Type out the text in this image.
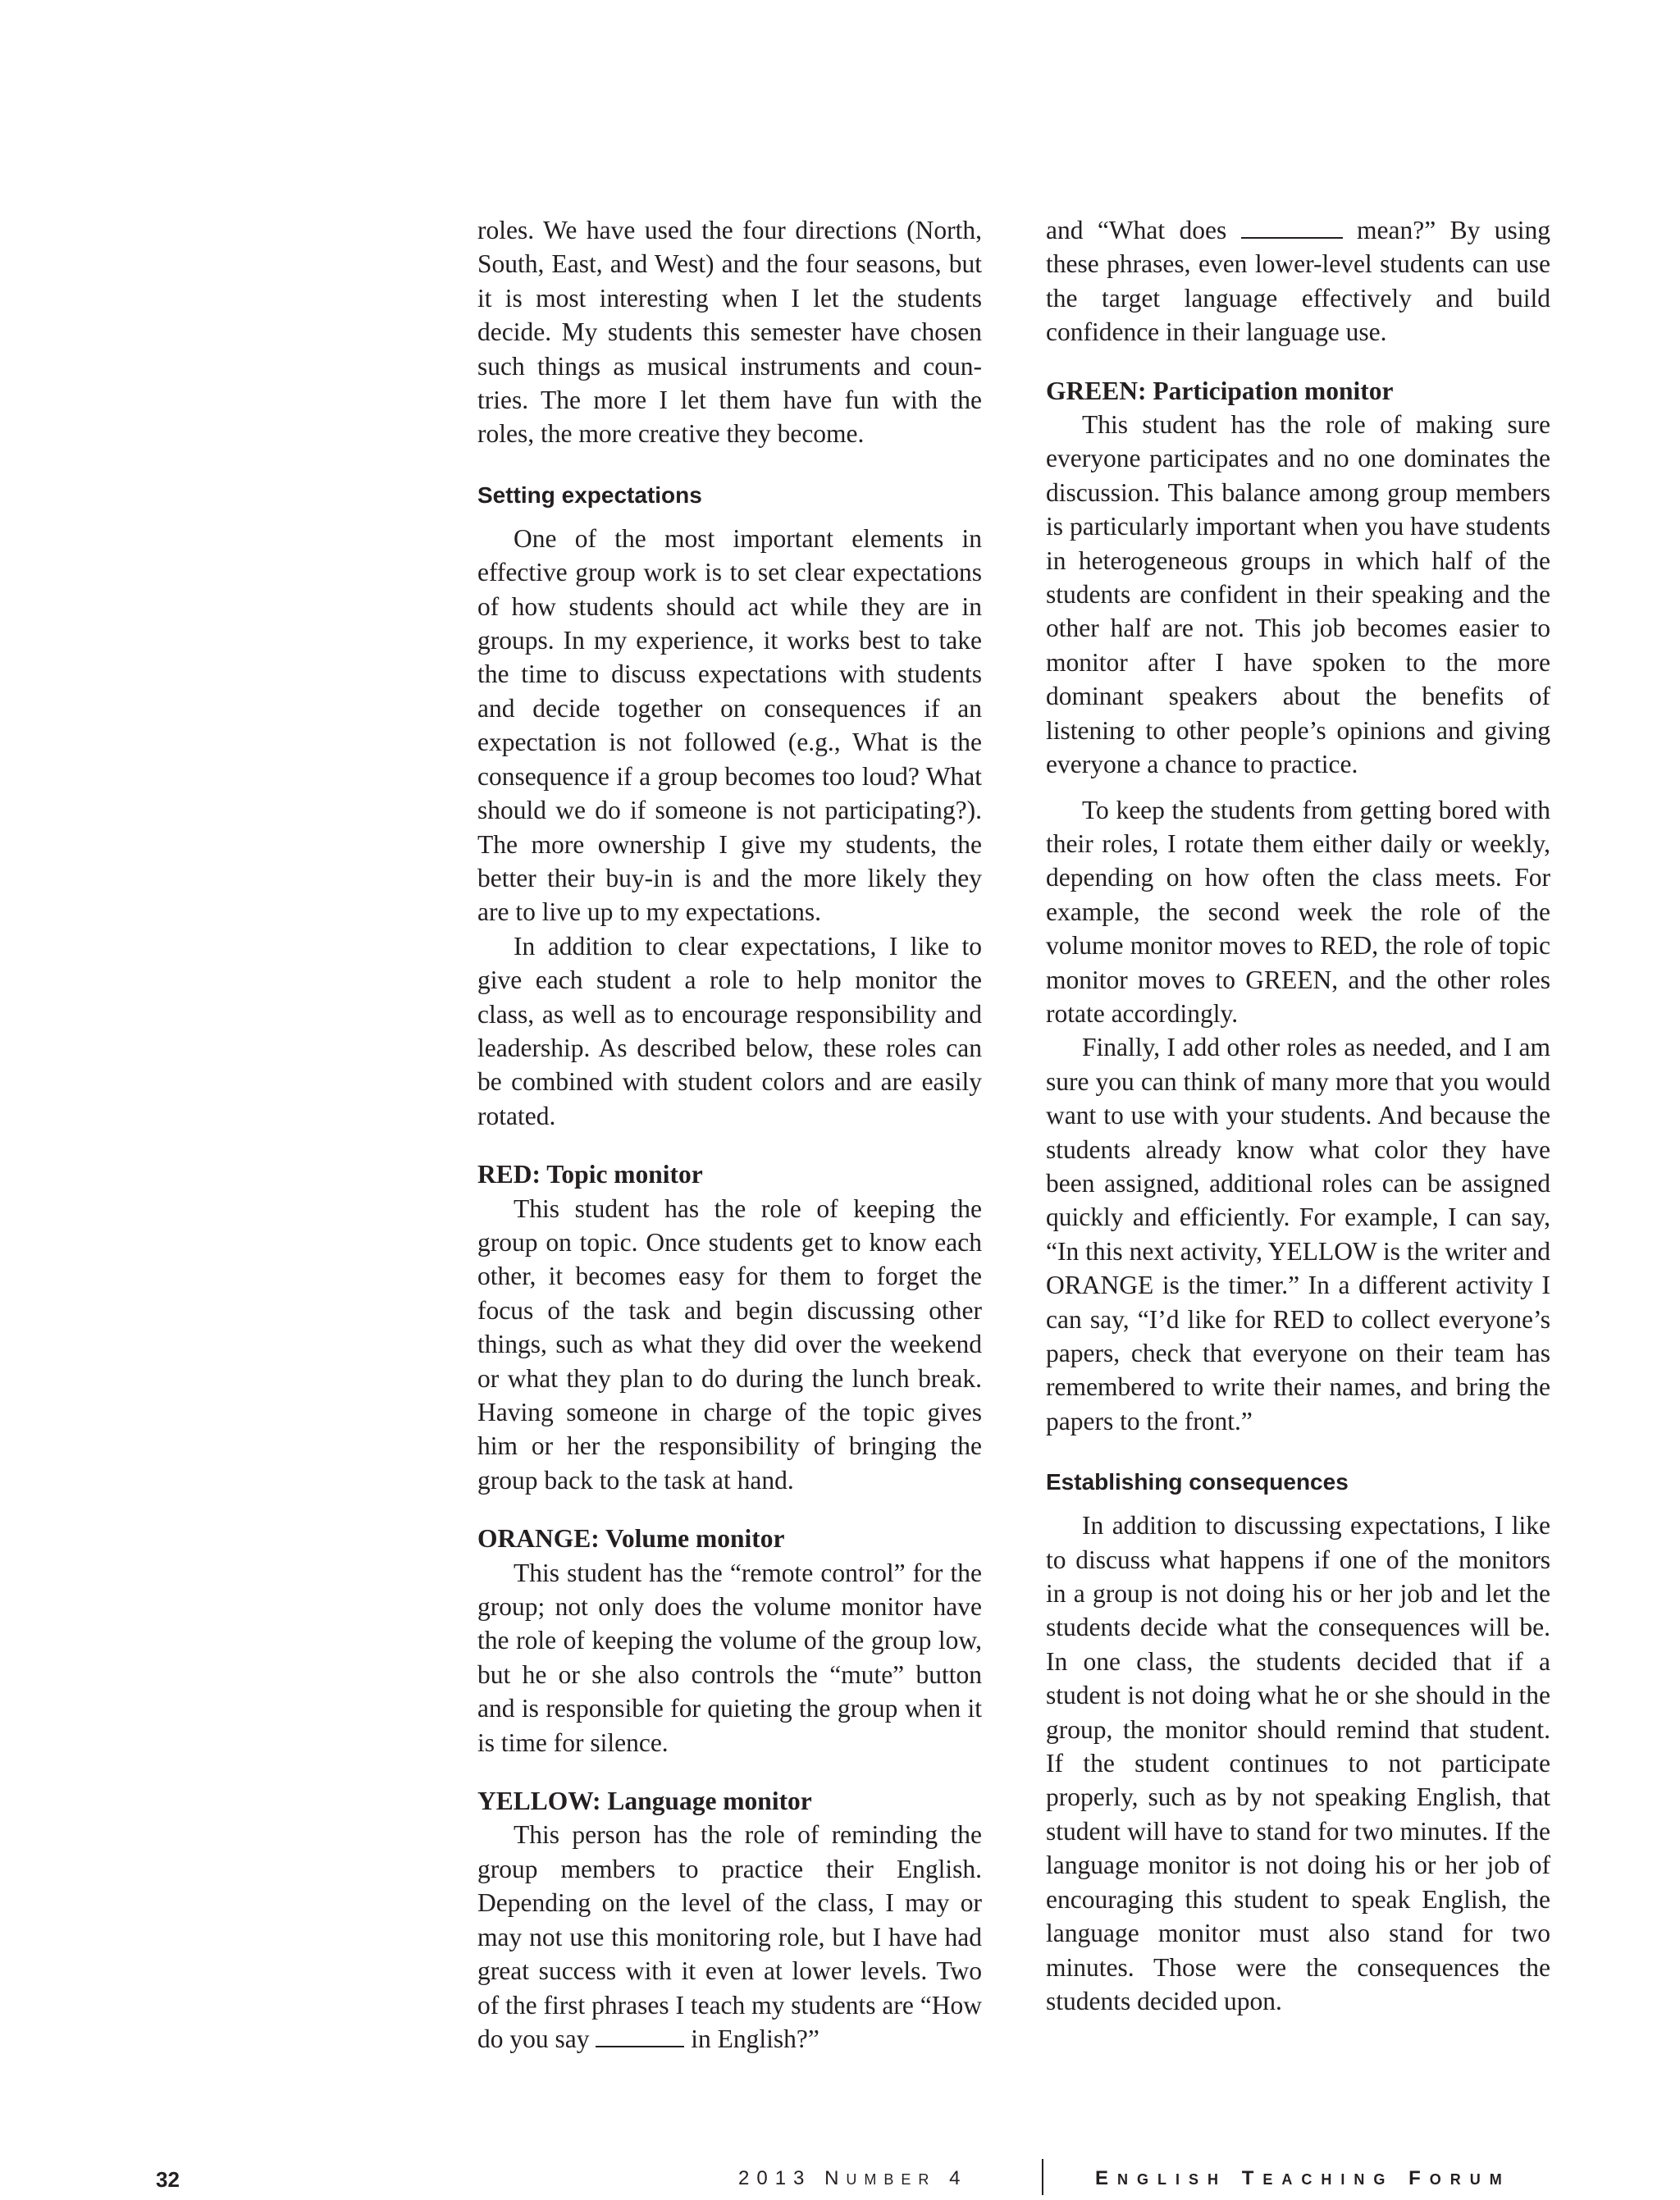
roles. We have used the four directions (North, South, East, and West) and the four seasons, but it is most interesting when I let the students decide. My students this semester have chosen such things as musical instruments and countries. The more I let them have fun with the roles, the more creative they become.

Setting expectations

One of the most important elements in effective group work is to set clear expectations of how students should act while they are in groups. In my experience, it works best to take the time to discuss expectations with students and decide together on consequences if an expectation is not followed (e.g., What is the consequence if a group becomes too loud? What should we do if someone is not participating?). The more ownership I give my students, the better their buy-in is and the more likely they are to live up to my expectations.

In addition to clear expectations, I like to give each student a role to help monitor the class, as well as to encourage responsibility and leadership. As described below, these roles can be combined with student colors and are easily rotated.

RED: Topic monitor

This student has the role of keeping the group on topic. Once students get to know each other, it becomes easy for them to forget the focus of the task and begin discussing other things, such as what they did over the weekend or what they plan to do during the lunch break. Having someone in charge of the topic gives him or her the responsibility of bringing the group back to the task at hand.

ORANGE: Volume monitor

This student has the “remote control” for the group; not only does the volume monitor have the role of keeping the volume of the group low, but he or she also controls the “mute” button and is responsible for quieting the group when it is time for silence.

YELLOW: Language monitor

This person has the role of reminding the group members to practice their English. Depending on the level of the class, I may or may not use this monitoring role, but I have had great success with it even at lower levels. Two of the first phrases I teach my students are “How do you say	in English?”

and “What does	mean?” By using these phrases, even lower-level students can use the target language effectively and build confidence in their language use.

GREEN: Participation monitor

This student has the role of making sure everyone participates and no one dominates the discussion. This balance among group members is particularly important when you have students in heterogeneous groups in which half of the students are confident in their speaking and the other half are not. This job becomes easier to monitor after I have spoken to the more dominant speakers about the benefits of listening to other people’s opinions and giving everyone a chance to practice.

To keep the students from getting bored with their roles, I rotate them either daily or weekly, depending on how often the class meets. For example, the second week the role of the volume monitor moves to RED, the role of topic monitor moves to GREEN, and the other roles rotate accordingly.

Finally, I add other roles as needed, and I am sure you can think of many more that you would want to use with your students. And because the students already know what color they have been assigned, additional roles can be assigned quickly and efficiently. For example, I can say, “In this next activity, YELLOW is the writer and ORANGE is the timer.” In a different activity I can say, “I’d like for RED to collect everyone’s papers, check that everyone on their team has remembered to write their names, and bring the papers to the front.”

Establishing consequences

In addition to discussing expectations, I like to discuss what happens if one of the monitors in a group is not doing his or her job and let the students decide what the consequences will be. In one class, the students decided that if a student is not doing what he or she should in the group, the monitor should remind that student. If the student continues to not participate properly, such as by not speaking English, that student will have to stand for two minutes. If the language monitor is not doing his or her job of encouraging this student to speak English, the language monitor must also stand for two minutes. Those were the consequences the students decided upon.

32	2013 NUMBER 4	ENGLISH TEACHING FORUM
